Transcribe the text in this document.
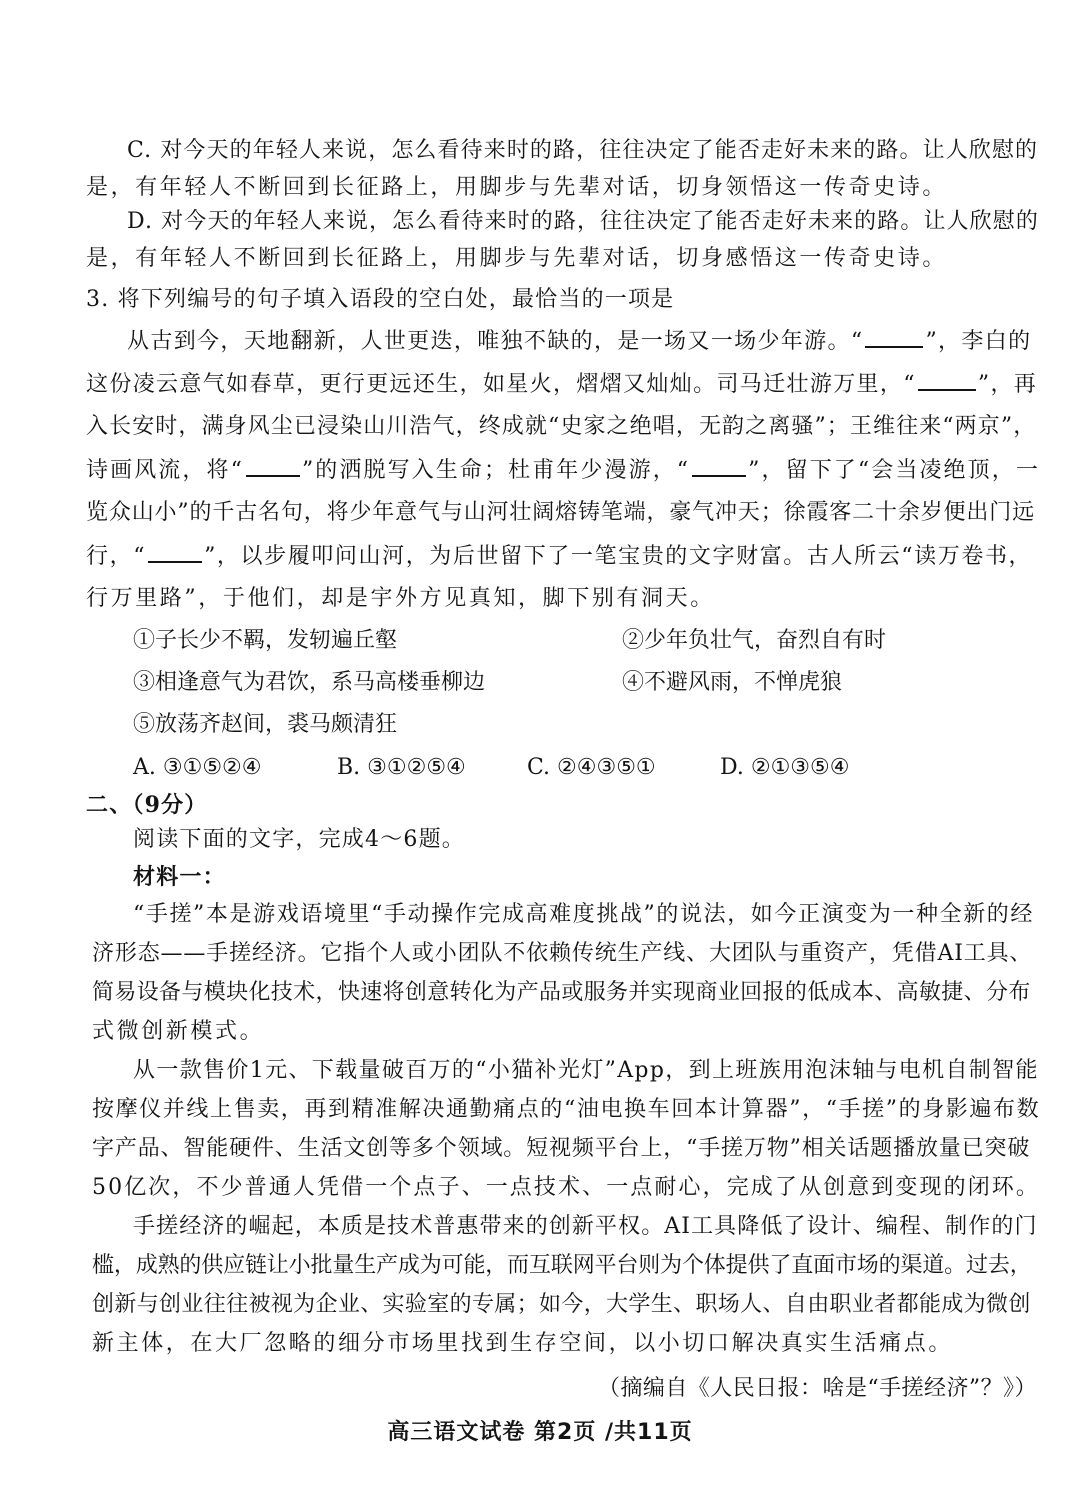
C. 对今天的年轻人来说，怎么看待来时的路，往往决定了能否走好未来的路。让人欣慰的
是，有年轻人不断回到长征路上，用脚步与先辈对话，切身领悟这一传奇史诗。
D. 对今天的年轻人来说，怎么看待来时的路，往往决定了能否走好未来的路。让人欣慰的
是，有年轻人不断回到长征路上，用脚步与先辈对话，切身感悟这一传奇史诗。
3. 将下列编号的句子填入语段的空白处，最恰当的一项是
从古到今，天地翻新，人世更迭，唯独不缺的，是一场又一场少年游。“	”，李白的
这份凌云意气如春草，更行更远还生，如星火，熠熠又灿灿。司马迁壮游万里，“	”，再
入长安时，满身风尘已浸染山川浩气，终成就“史家之绝唱，无韵之离骚”；王维往来“两京”，
诗画风流，将“	”的洒脱写入生命；杜甫年少漫游，“	”，留下了“会当凌绝顶，一
览众山小”的千古名句，将少年意气与山河壮阔熔铸笔端，豪气冲天；徐霞客二十余岁便出门远
行，“	”，以步履叩问山河，为后世留下了一笔宝贵的文字财富。古人所云“读万卷书，
行万里路”，于他们，却是宇外方见真知，脚下别有洞天。
①子长少不羁，发轫遍丘壑	②少年负壮气，奋烈自有时
③相逢意气为君饮，系马高楼垂柳边	④不避风雨，不惮虎狼
⑤放荡齐赵间，裘马颇清狂
A. ③①⑤②④	B. ③①②⑤④	C. ②④③⑤①	D. ②①③⑤④
二、（9分）
阅读下面的文字，完成4～6题。
材料一：
“手搓”本是游戏语境里“手动操作完成高难度挑战”的说法，如今正演变为一种全新的经
济形态——手搓经济。它指个人或小团队不依赖传统生产线、大团队与重资产，凭借AI工具、
简易设备与模块化技术，快速将创意转化为产品或服务并实现商业回报的低成本、高敏捷、分布
式微创新模式。
从一款售价1元、下载量破百万的“小猫补光灯”App，到上班族用泡沫轴与电机自制智能
按摩仪并线上售卖，再到精准解决通勤痛点的“油电换车回本计算器”，“手搓”的身影遍布数
字产品、智能硬件、生活文创等多个领域。短视频平台上，“手搓万物”相关话题播放量已突破
50亿次，不少普通人凭借一个点子、一点技术、一点耐心，完成了从创意到变现的闭环。
手搓经济的崛起，本质是技术普惠带来的创新平权。AI工具降低了设计、编程、制作的门
槛，成熟的供应链让小批量生产成为可能，而互联网平台则为个体提供了直面市场的渠道。过去，
创新与创业往往被视为企业、实验室的专属；如今，大学生、职场人、自由职业者都能成为微创
新主体，在大厂忽略的细分市场里找到生存空间，以小切口解决真实生活痛点。
（摘编自《人民日报：啥是“手搓经济”？》）
高三语文试卷 第2页 /共11页
